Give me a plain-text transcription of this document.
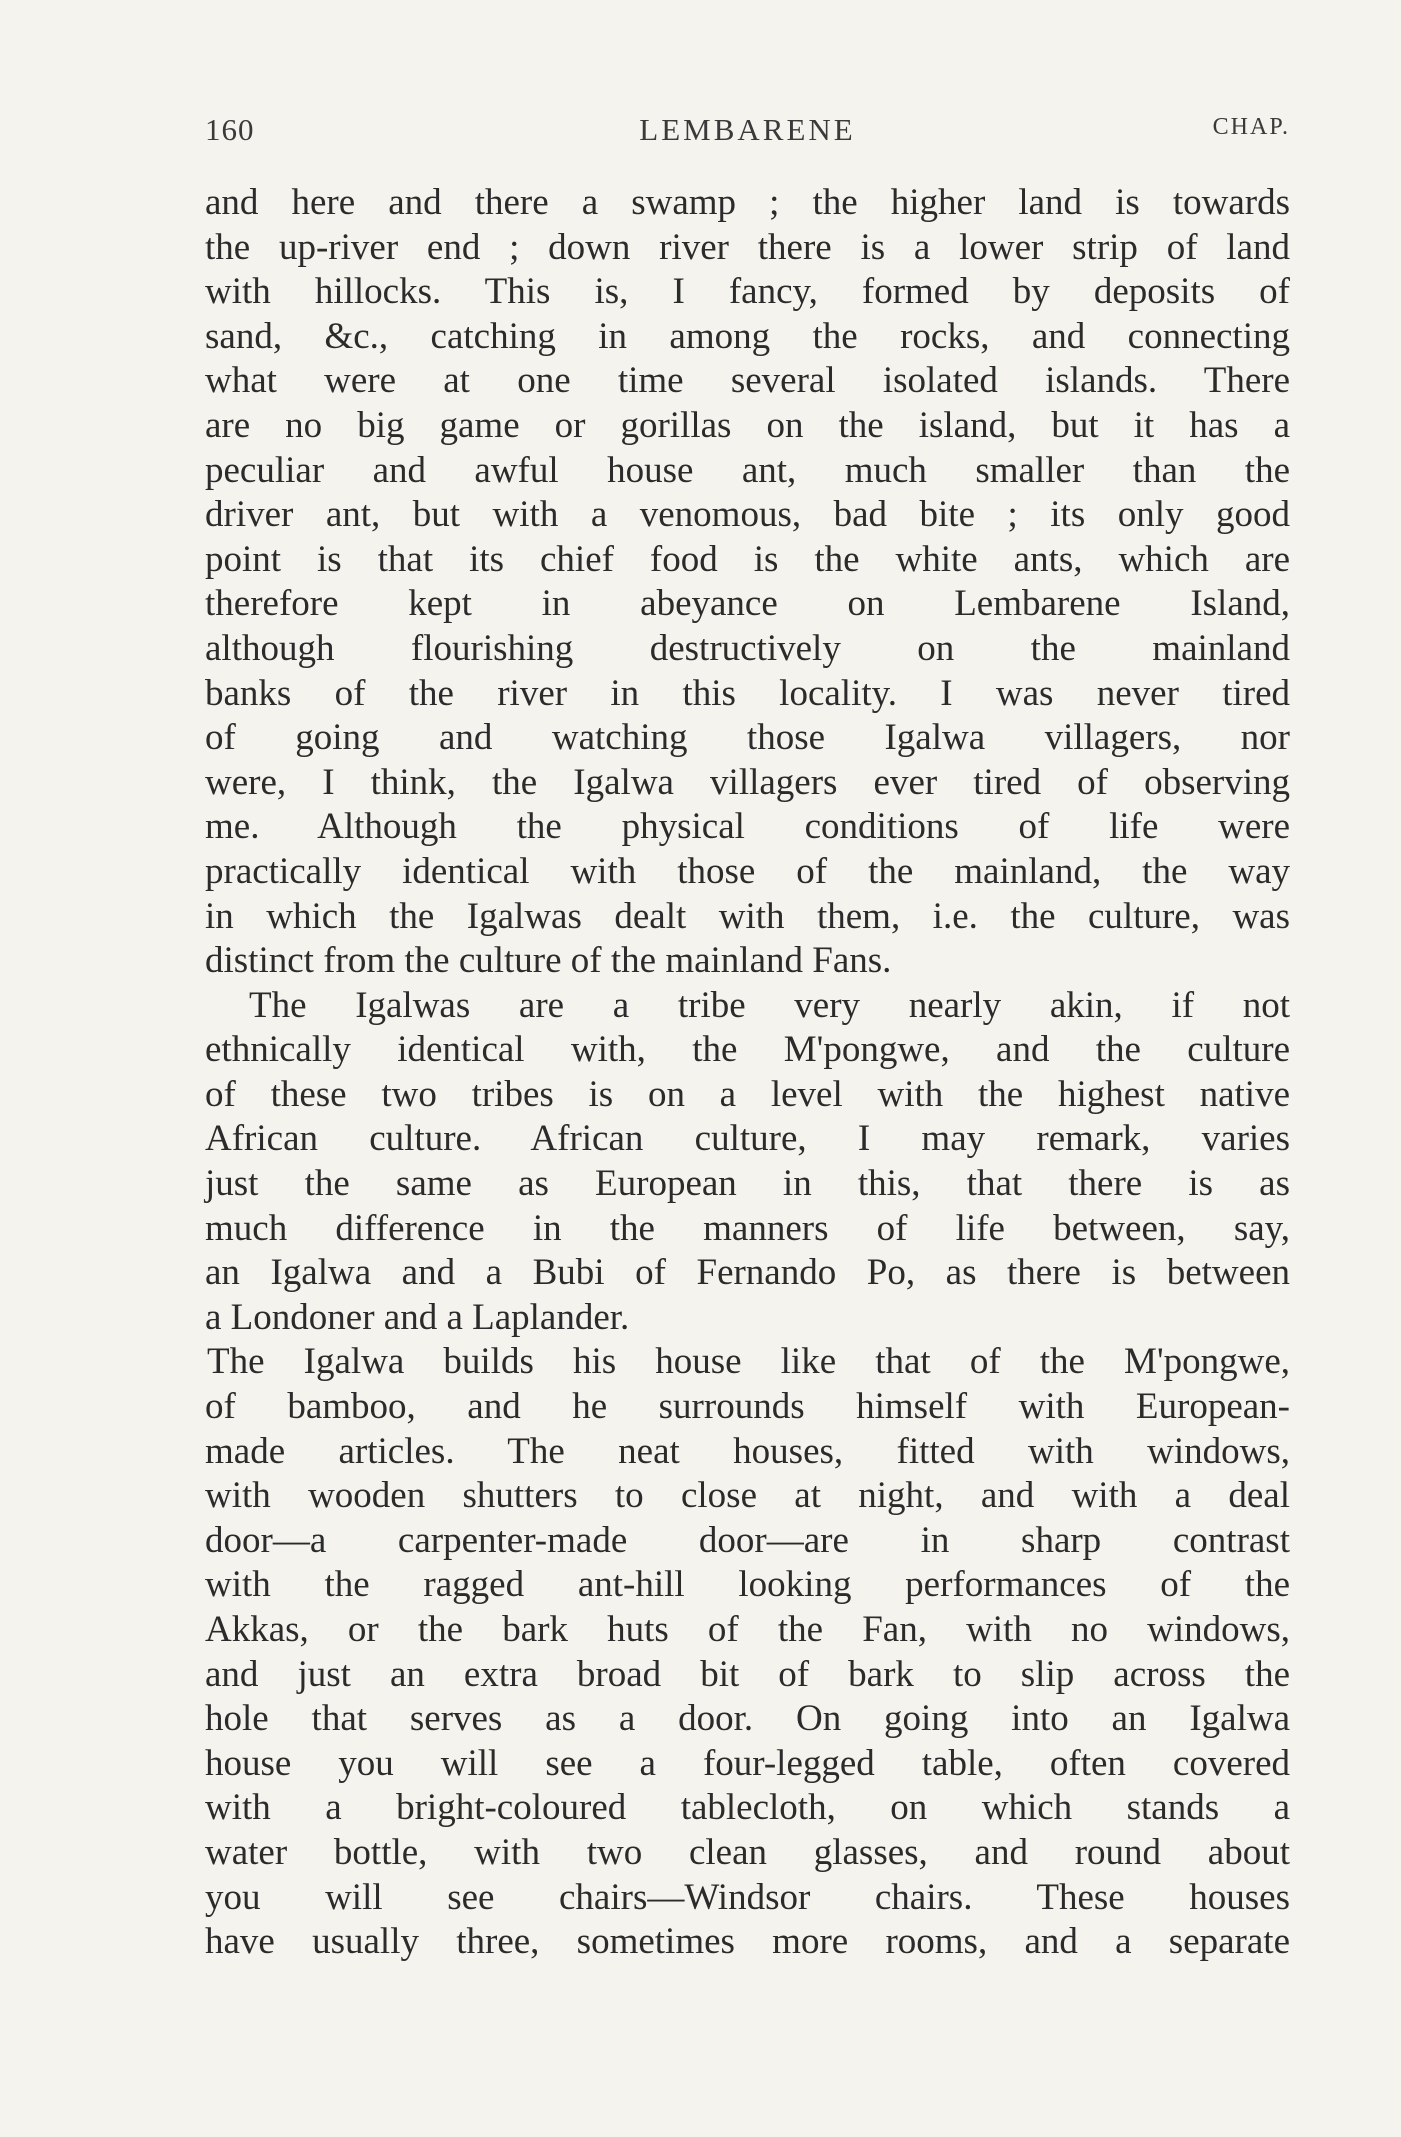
160	LEMBARENE	CHAP.
and here and there a swamp ; the higher land is towards
the up-river end ; down river there is a lower strip of land
with hillocks. This is, I fancy, formed by deposits of
sand, &c., catching in among the rocks, and connecting
what were at one time several isolated islands. There
are no big game or gorillas on the island, but it has a
peculiar and awful house ant, much smaller than the
driver ant, but with a venomous, bad bite ; its only good
point is that its chief food is the white ants, which are
therefore kept in abeyance on Lembarene Island,
although flourishing destructively on the mainland
banks of the river in this locality. I was never tired
of going and watching those Igalwa villagers, nor
were, I think, the Igalwa villagers ever tired of observing
me. Although the physical conditions of life were
practically identical with those of the mainland, the way
in which the Igalwas dealt with them, i.e. the culture, was
distinct from the culture of the mainland Fans.
The Igalwas are a tribe very nearly akin, if not
ethnically identical with, the M'pongwe, and the culture
of these two tribes is on a level with the highest native
African culture. African culture, I may remark, varies
just the same as European in this, that there is as
much difference in the manners of life between, say,
an Igalwa and a Bubi of Fernando Po, as there is between
a Londoner and a Laplander.
The Igalwa builds his house like that of the M'pongwe,
of bamboo, and he surrounds himself with European-
made articles. The neat houses, fitted with windows,
with wooden shutters to close at night, and with a deal
door—a carpenter-made door—are in sharp contrast
with the ragged ant-hill looking performances of the
Akkas, or the bark huts of the Fan, with no windows,
and just an extra broad bit of bark to slip across the
hole that serves as a door. On going into an Igalwa
house you will see a four-legged table, often covered
with a bright-coloured tablecloth, on which stands a
water bottle, with two clean glasses, and round about
you will see chairs—Windsor chairs. These houses
have usually three, sometimes more rooms, and a separate
